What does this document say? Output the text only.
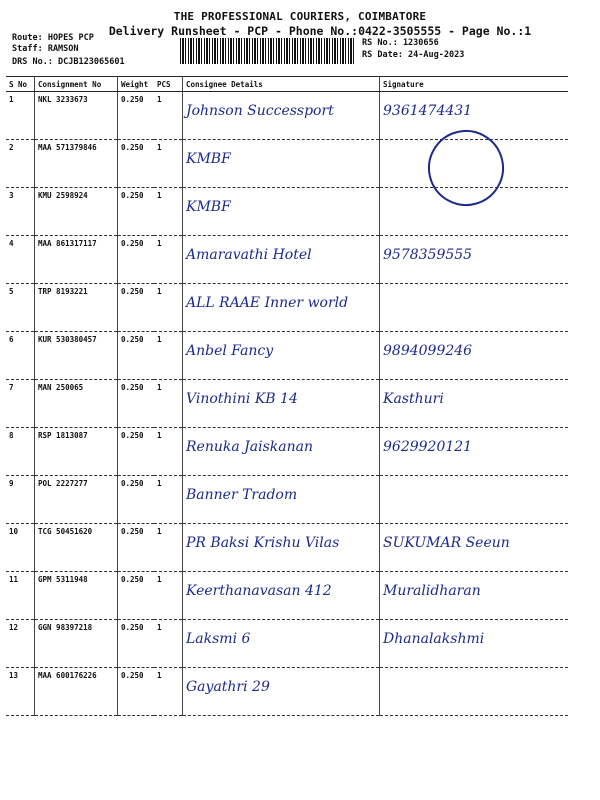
THE PROFESSIONAL COURIERS, COIMBATORE
Delivery Runsheet - PCP - Phone No.:0422-3505555 - Page No.:1
Route: HOPES PCP
Staff: RAMSON
DRS No.: DCJB123065601
RS No.: 1230656
RS Date: 24-Aug-2023
S No	Consignment No	Weight	PCS	Consignee Details	Signature
1	NKL 3233673	0.250	1	Johnson Successport	9361474431
2	MAA 571379846	0.250	1	KMBF	
3	KMU 2598924	0.250	1	KMBF	
4	MAA 861317117	0.250	1	Amaravathi Hotel	9578359555
5	TRP 8193221	0.250	1	ALL RAAE Inner world	
6	KUR 530380457	0.250	1	Anbel Fancy	9894099246
7	MAN 250065	0.250	1	Vinothini KB 14	Kasthuri
8	RSP 1813087	0.250	1	Renuka Jaiskanan	9629920121
9	POL 2227277	0.250	1	Banner Tradom	
10	TCG 50451620	0.250	1	PR Baksi Krishu Vilas	SUKUMAR Seeun
11	GPM 5311948	0.250	1	Keerthanavasan 412	Muralidharan
12	GGN 98397218	0.250	1	Laksmi 6	Dhanalakshmi
13	MAA 600176226	0.250	1	Gayathri 29	
